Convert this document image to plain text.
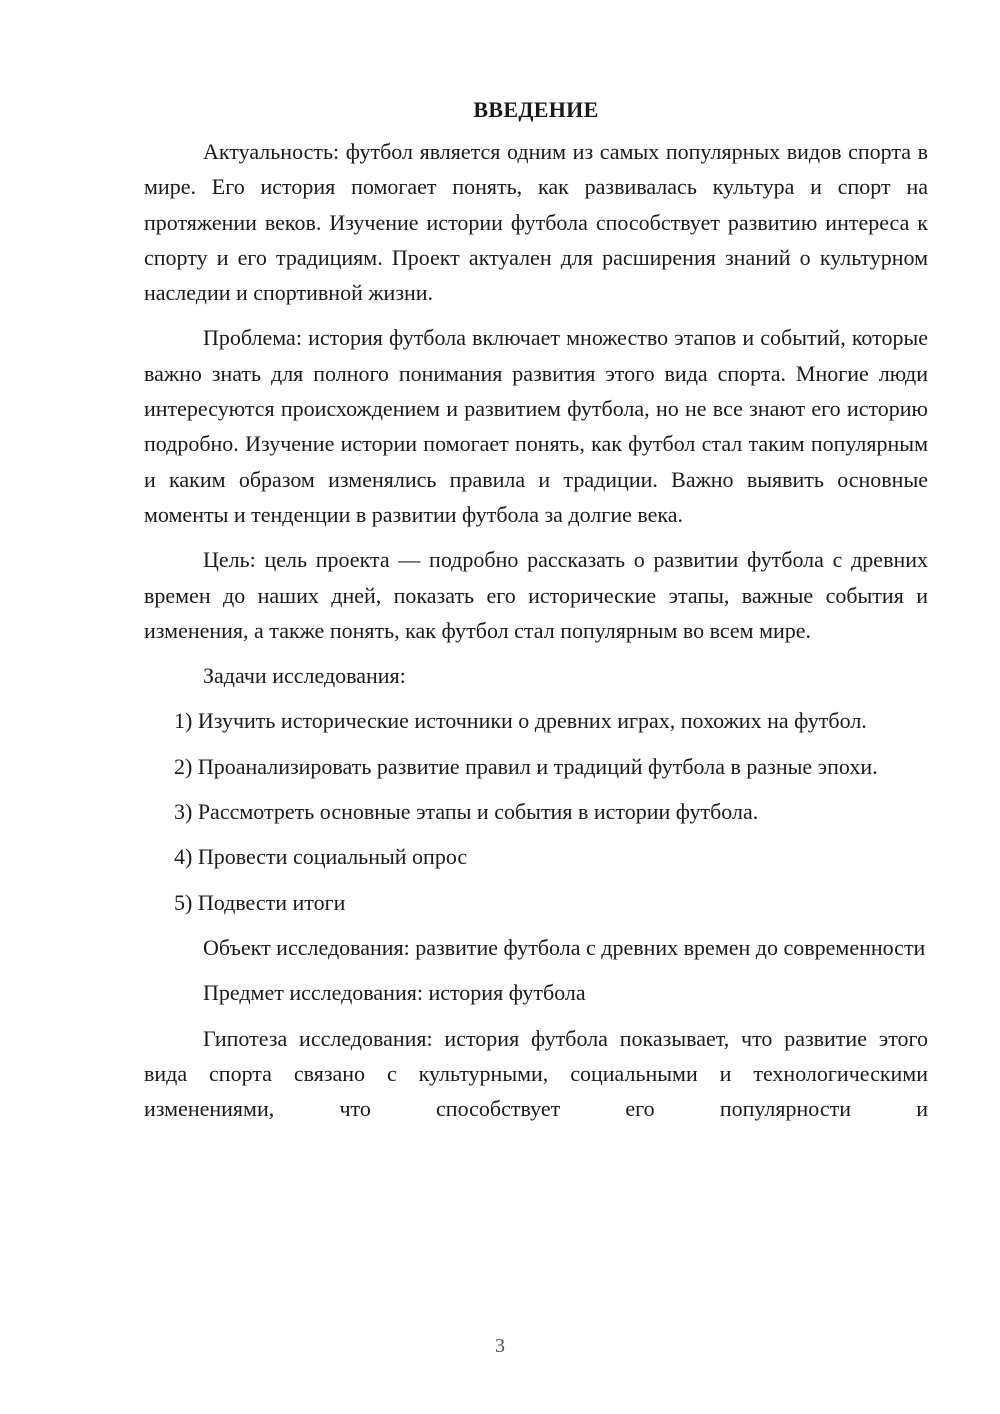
ВВЕДЕНИЕ

Актуальность: футбол является одним из самых популярных видов спорта в мире. Его история помогает понять, как развивалась культура и спорт на протяжении веков. Изучение истории футбола способствует развитию интереса к спорту и его традициям. Проект актуален для расширения знаний о культурном наследии и спортивной жизни.

Проблема: история футбола включает множество этапов и событий, которые важно знать для полного понимания развития этого вида спорта. Многие люди интересуются происхождением и развитием футбола, но не все знают его историю подробно. Изучение истории помогает понять, как футбол стал таким популярным и каким образом изменялись правила и традиции. Важно выявить основные моменты и тенденции в развитии футбола за долгие века.

Цель: цель проекта — подробно рассказать о развитии футбола с древних времен до наших дней, показать его исторические этапы, важные события и изменения, а также понять, как футбол стал популярным во всем мире.

Задачи исследования:

1) Изучить исторические источники о древних играх, похожих на футбол.

2) Проанализировать развитие правил и традиций футбола в разные эпохи.

3) Рассмотреть основные этапы и события в истории футбола.

4) Провести социальный опрос

5) Подвести итоги

Объект исследования: развитие футбола с древних времен до современности

Предмет исследования: история футбола

Гипотеза исследования: история футбола показывает, что развитие этого вида спорта связано с культурными, социальными и технологическими изменениями, что способствует его популярности и

3
